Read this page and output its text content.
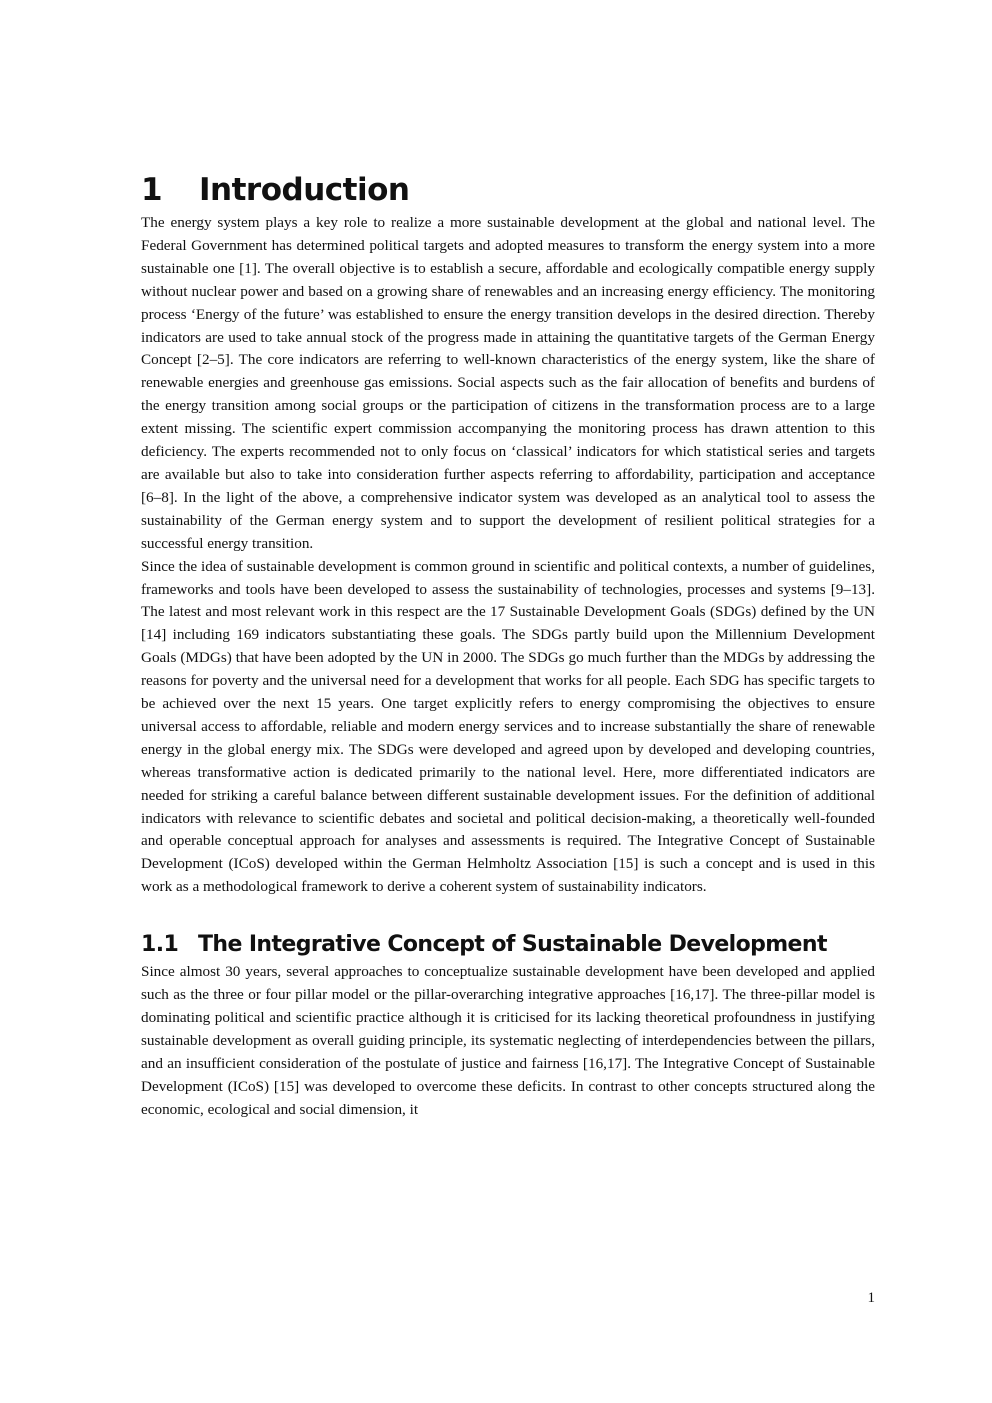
1 Introduction

The energy system plays a key role to realize a more sustainable development at the global and national level. The Federal Government has determined political targets and adopted measures to transform the energy system into a more sustainable one [1]. The overall objective is to establish a secure, affordable and ecologically compatible energy supply without nuclear power and based on a growing share of renewables and an increasing energy efficiency. The monitoring process ‘Energy of the future’ was established to ensure the energy transition develops in the desired direction. Thereby indicators are used to take annual stock of the progress made in attaining the quantitative targets of the German Energy Concept [2–5]. The core indicators are referring to well-known characteristics of the energy system, like the share of renewable energies and greenhouse gas emissions. Social aspects such as the fair allocation of benefits and burdens of the energy transition among social groups or the participation of citizens in the transformation process are to a large extent missing. The scientific expert commission accompanying the monitoring process has drawn attention to this deficiency. The experts recommended not to only focus on ‘classical’ indicators for which statistical series and targets are available but also to take into consideration further aspects referring to affordability, participation and acceptance [6–8]. In the light of the above, a comprehensive indicator system was developed as an analytical tool to assess the sustainability of the German energy system and to support the development of resilient political strategies for a successful energy transition.

Since the idea of sustainable development is common ground in scientific and political contexts, a number of guidelines, frameworks and tools have been developed to assess the sustainability of technologies, processes and systems [9–13]. The latest and most relevant work in this respect are the 17 Sustainable Development Goals (SDGs) defined by the UN [14] including 169 indicators substantiating these goals. The SDGs partly build upon the Millennium Development Goals (MDGs) that have been adopted by the UN in 2000. The SDGs go much further than the MDGs by addressing the reasons for poverty and the universal need for a development that works for all people. Each SDG has specific targets to be achieved over the next 15 years. One target explicitly refers to energy compromising the objectives to ensure universal access to affordable, reliable and modern energy services and to increase substantially the share of renewable energy in the global energy mix. The SDGs were developed and agreed upon by developed and developing countries, whereas transformative action is dedicated primarily to the national level. Here, more differentiated indicators are needed for striking a careful balance between different sustainable development issues. For the definition of additional indicators with relevance to scientific debates and societal and political decision-making, a theoretically well-founded and operable conceptual approach for analyses and assessments is required. The Integrative Concept of Sustainable Development (ICoS) developed within the German Helmholtz Association [15] is such a concept and is used in this work as a methodological framework to derive a coherent system of sustainability indicators.

1.1 The Integrative Concept of Sustainable Development

Since almost 30 years, several approaches to conceptualize sustainable development have been developed and applied such as the three or four pillar model or the pillar-overarching integrative approaches [16,17]. The three-pillar model is dominating political and scientific practice although it is criticised for its lacking theoretical profoundness in justifying sustainable development as overall guiding principle, its systematic neglecting of interdependencies between the pillars, and an insufficient consideration of the postulate of justice and fairness [16,17]. The Integrative Concept of Sustainable Development (ICoS) [15] was developed to overcome these deficits. In contrast to other concepts structured along the economic, ecological and social dimension, it

1
